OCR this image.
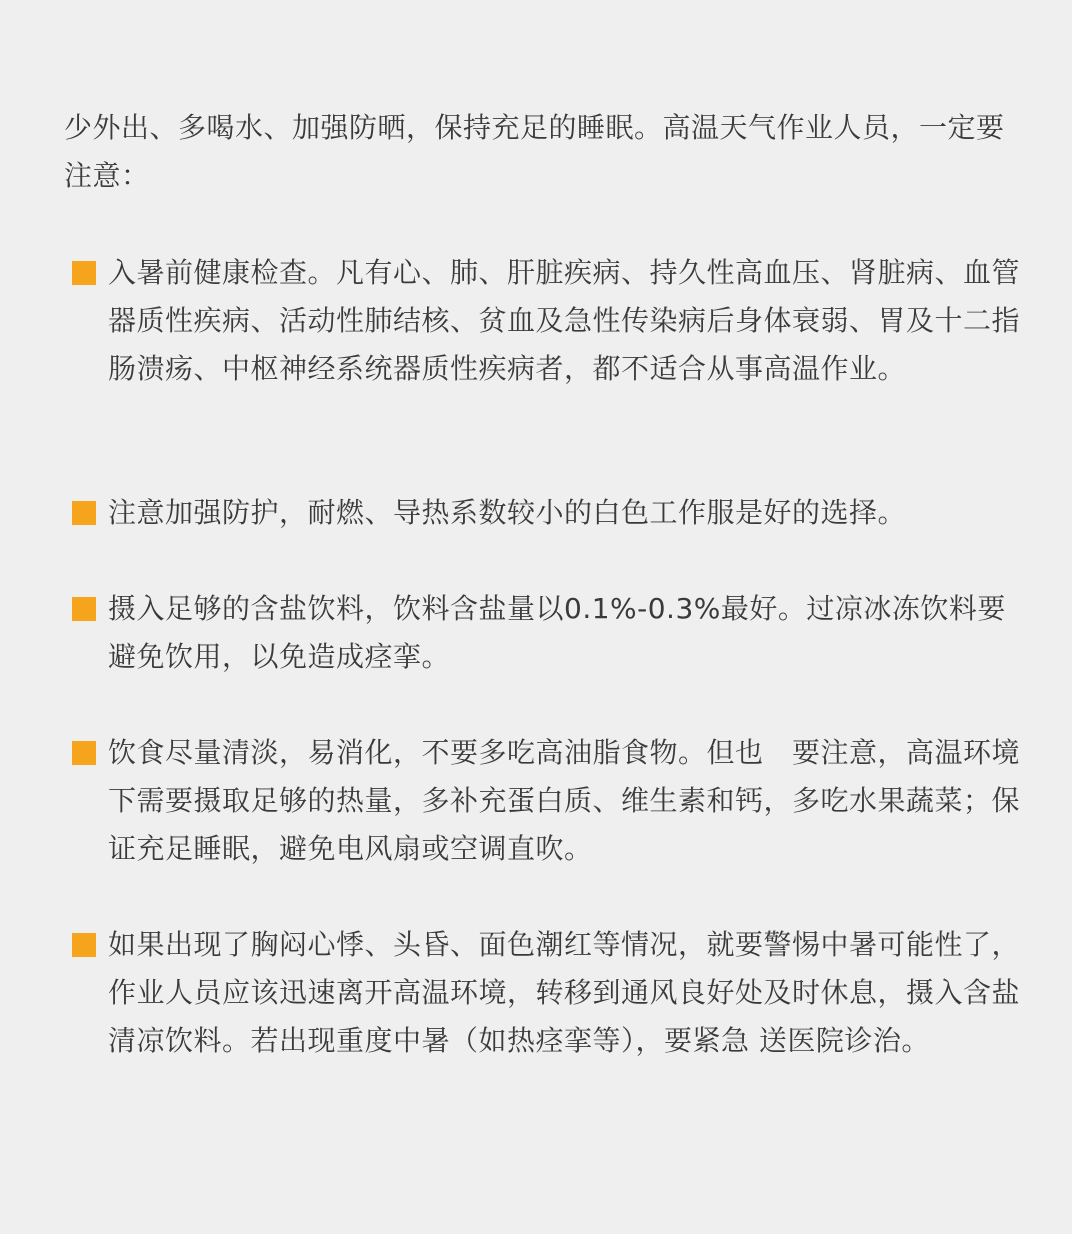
少外出、多喝水、加强防晒，保持充足的睡眠。高温天气作业人员，一定要注意：

入暑前健康检查。凡有心、肺、肝脏疾病、持久性高血压、肾脏病、血管器质性疾病、活动性肺结核、贫血及急性传染病后身体衰弱、胃及十二指肠溃疡、中枢神经系统器质性疾病者，都不适合从事高温作业。

注意加强防护，耐燃、导热系数较小的白色工作服是好的选择。

摄入足够的含盐饮料，饮料含盐量以0.1%-0.3%最好。过凉冰冻饮料要避免饮用，以免造成痉挛。

饮食尽量清淡，易消化，不要多吃高油脂食物。但也　要注意，高温环境下需要摄取足够的热量，多补充蛋白质、维生素和钙，多吃水果蔬菜；保证充足睡眠，避免电风扇或空调直吹。

如果出现了胸闷心悸、头昏、面色潮红等情况，就要警惕中暑可能性了，作业人员应该迅速离开高温环境，转移到通风良好处及时休息，摄入含盐清凉饮料。若出现重度中暑（如热痉挛等），要紧急 送医院诊治。
